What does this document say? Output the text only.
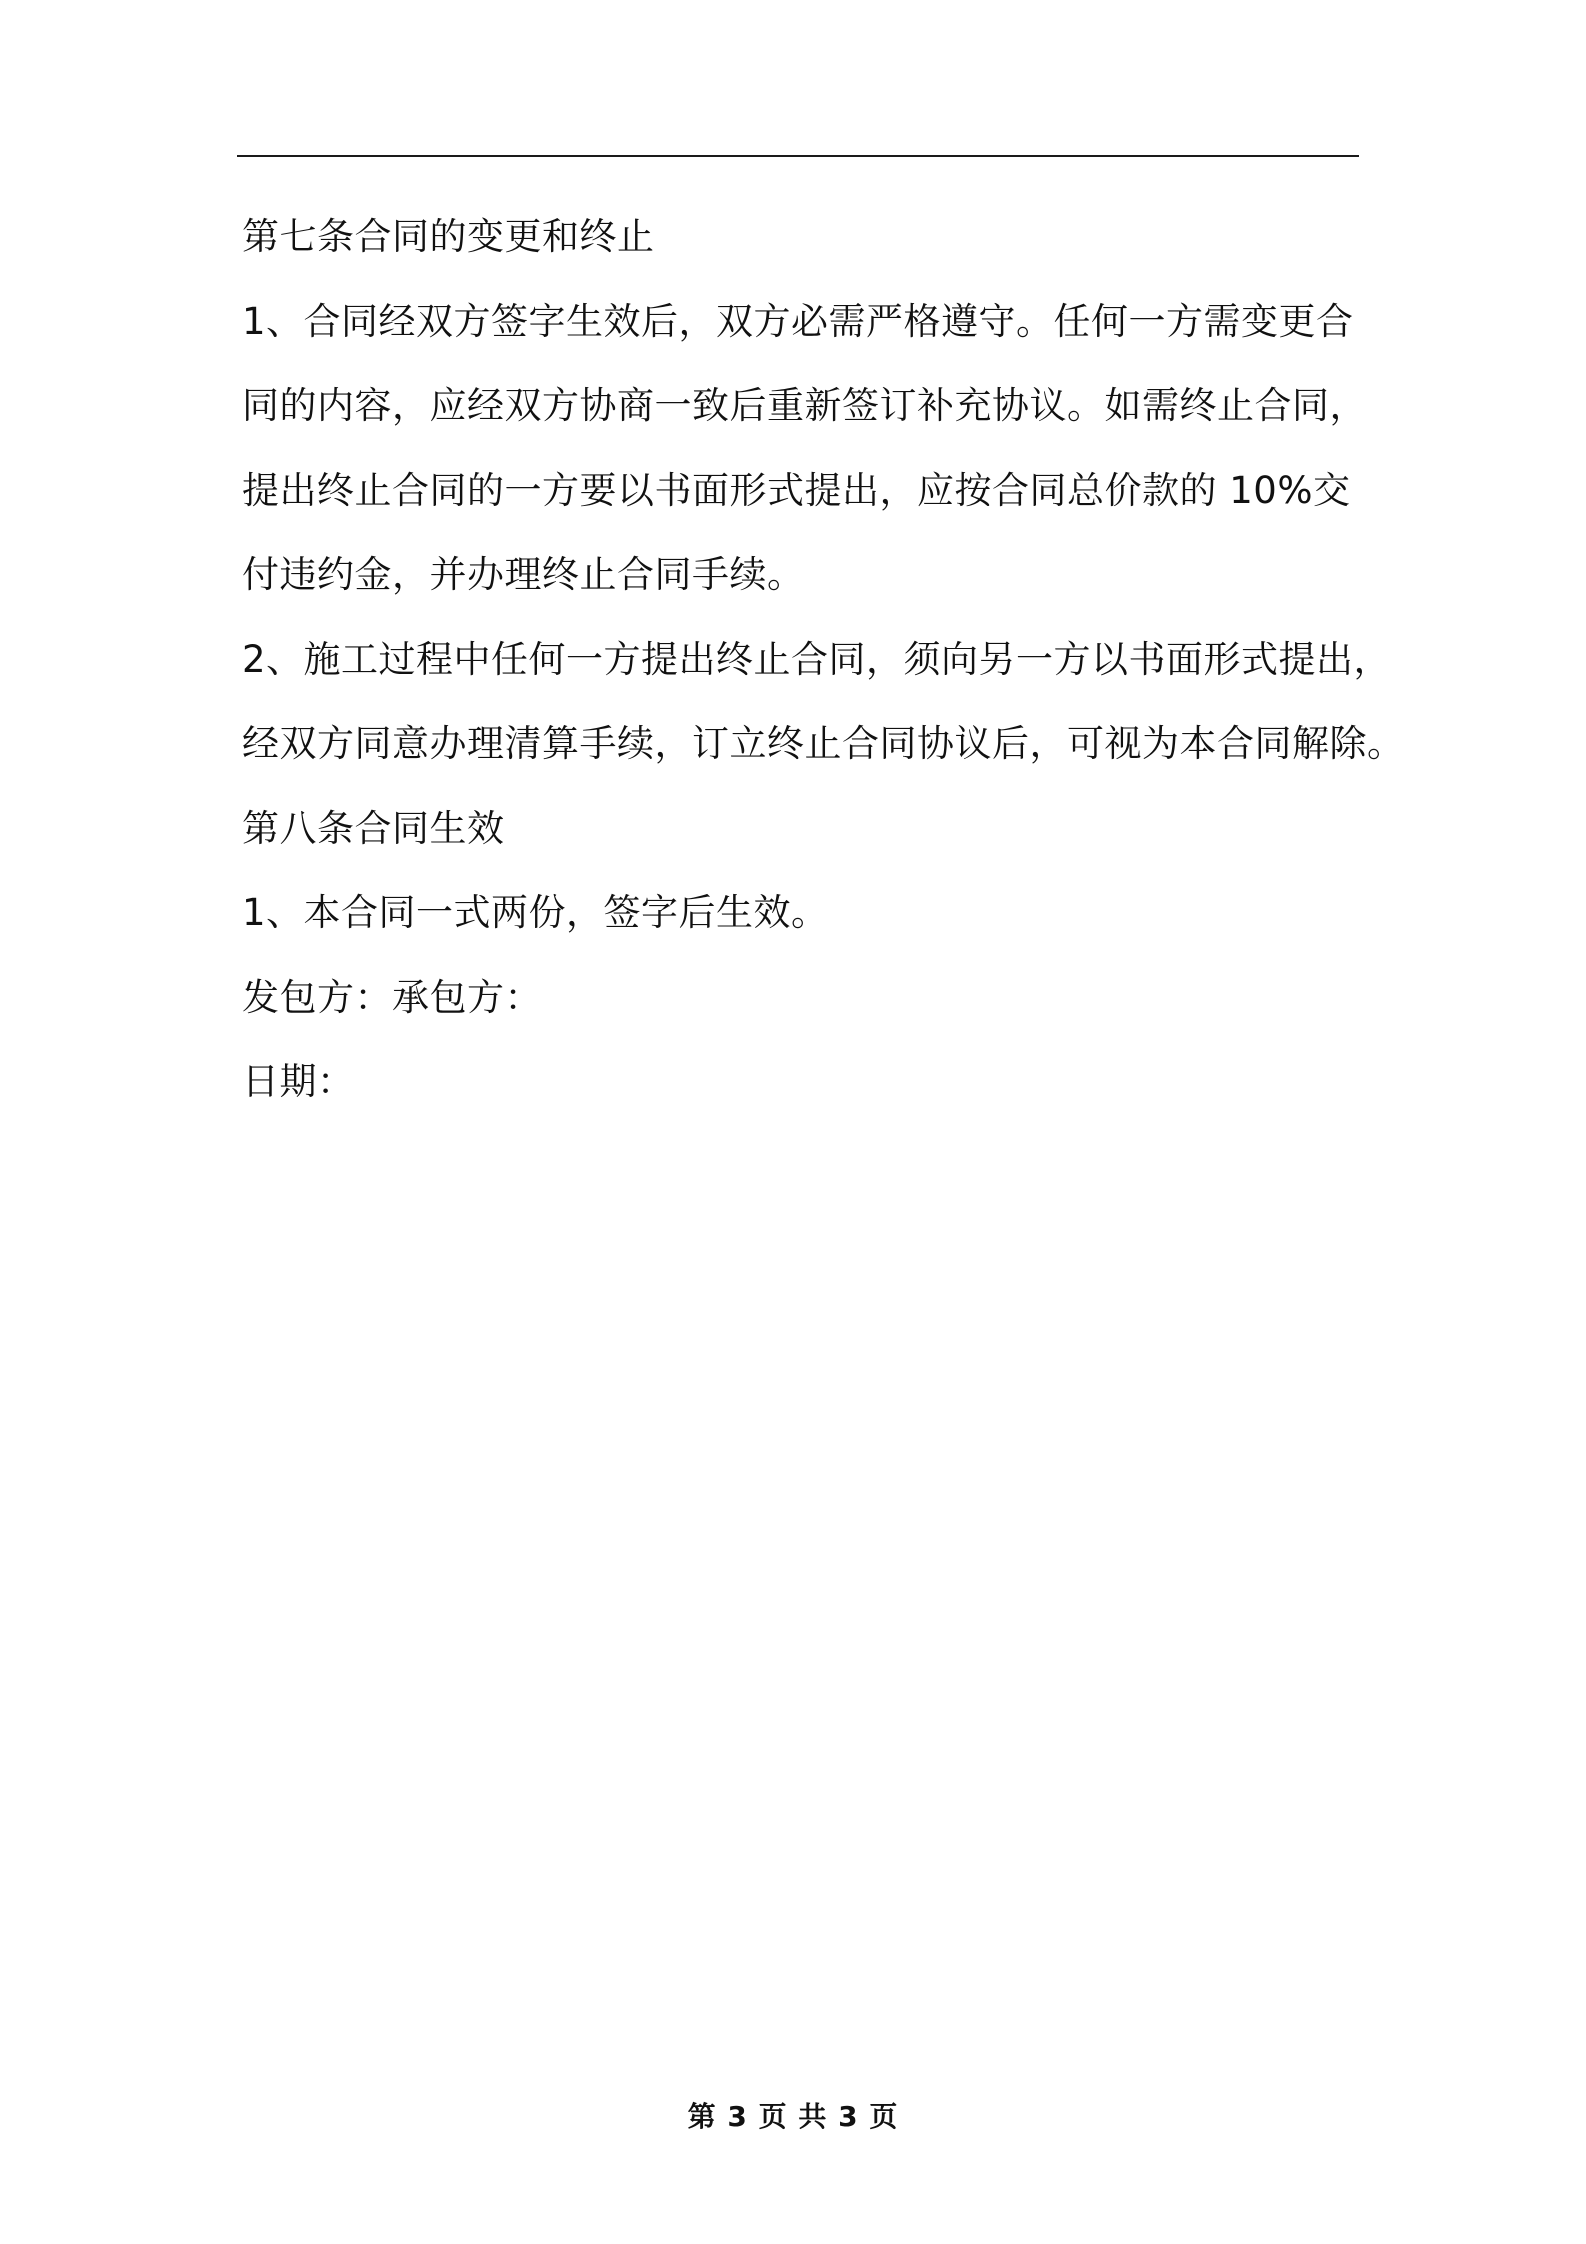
第七条合同的变更和终止
1、合同经双方签字生效后，双方必需严格遵守。任何一方需变更合
同的内容，应经双方协商一致后重新签订补充协议。如需终止合同，
提出终止合同的一方要以书面形式提出，应按合同总价款的 10%交
付违约金，并办理终止合同手续。
2、施工过程中任何一方提出终止合同，须向另一方以书面形式提出，
经双方同意办理清算手续，订立终止合同协议后，可视为本合同解除。
第八条合同生效
1、本合同一式两份，签字后生效。
发包方：承包方：
日期：
第 3 页 共 3 页
